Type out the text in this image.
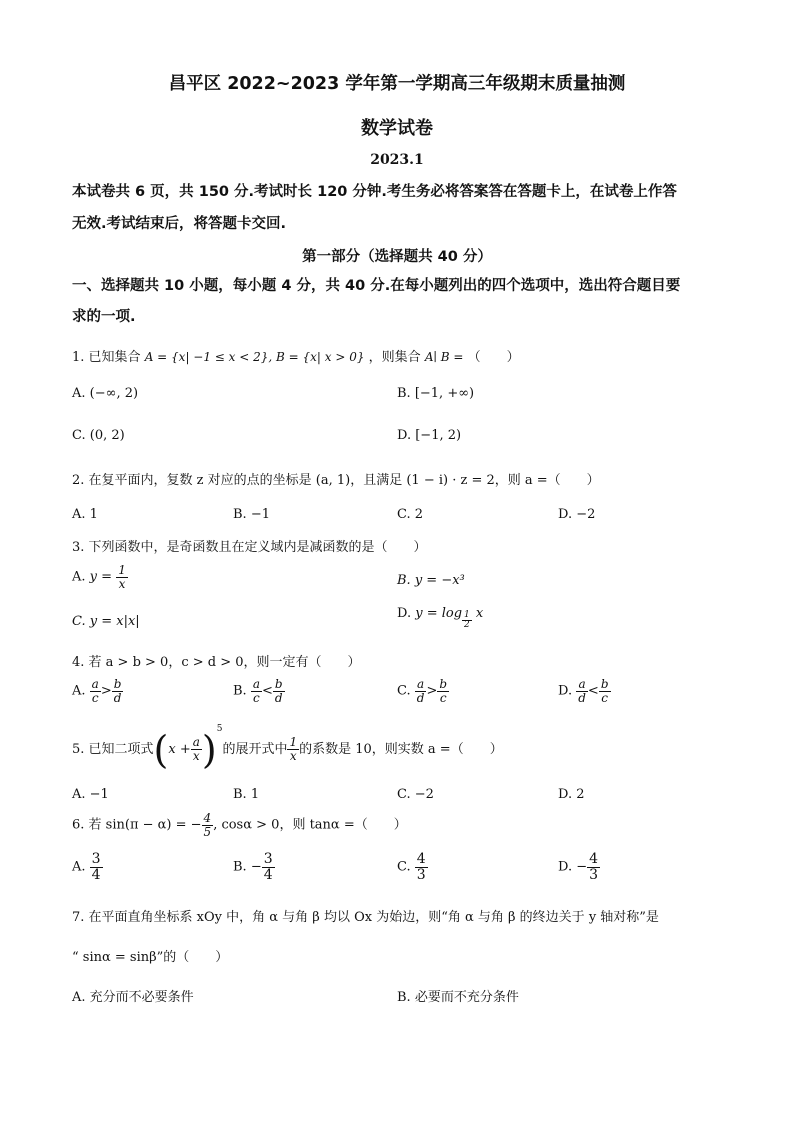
昌平区 2022~2023 学年第一学期高三年级期末质量抽测
数学试卷
2023.1
本试卷共 6 页，共 150 分.考试时长 120 分钟.考生务必将答案答在答题卡上，在试卷上作答
无效.考试结束后，将答题卡交回.
第一部分（选择题共 40 分）
一、选择题共 10 小题，每小题 4 分，共 40 分.在每小题列出的四个选项中，选出符合题目要
求的一项.
1. 已知集合 A = {x| −1 ≤ x < 2}, B = {x| x > 0} ，则集合 A∣ B = （　　）
A. (−∞, 2)	B. [−1, +∞)
C. (0, 2)	D. [−1, 2)
2. 在复平面内，复数 z 对应的点的坐标是 (a, 1)，且满足 (1 − i) · z = 2，则 a =（　　）
A. 1	B. −1	C. 2	D. −2
3. 下列函数中，是奇函数且在定义域内是减函数的是（　　）
A. $y = \frac{1}{x}$	B. y = −x³
C. y = x|x|
D. $y = \log \frac{1}{2}$ x
4. 若 a > b > 0，c > d > 0，则一定有（　　）
A. $\frac{a}{c} > \frac{b}{d}$	B. $\frac{a}{c} < \frac{b}{d}$	C. $\frac{a}{d} > \frac{b}{c}$	D. $\frac{a}{d} < \frac{b}{c}$
5. 已知二项式$(x + \frac{a}{x} )^5$的展开式中 $\frac{1}{x}$ 的系数是 10，则实数 a =（　　）
A. −1	B. 1	C. −2	D. 2
6. 若 sin(π − α) = − $\frac{4}{5}$ , cosα > 0，则 tanα =（　　）
A. $\frac{3}{4}$	B. − $\frac{3}{4}$	C. $\frac{4}{3}$	D. − $\frac{4}{3}$
7. 在平面直角坐标系 xOy 中，角 α 与角 β 均以 Ox 为始边，则“角 α 与角 β 的终边关于 y 轴对称”是
“ sinα = sinβ”的（　　）
A. 充分而不必要条件	B. 必要而不充分条件
